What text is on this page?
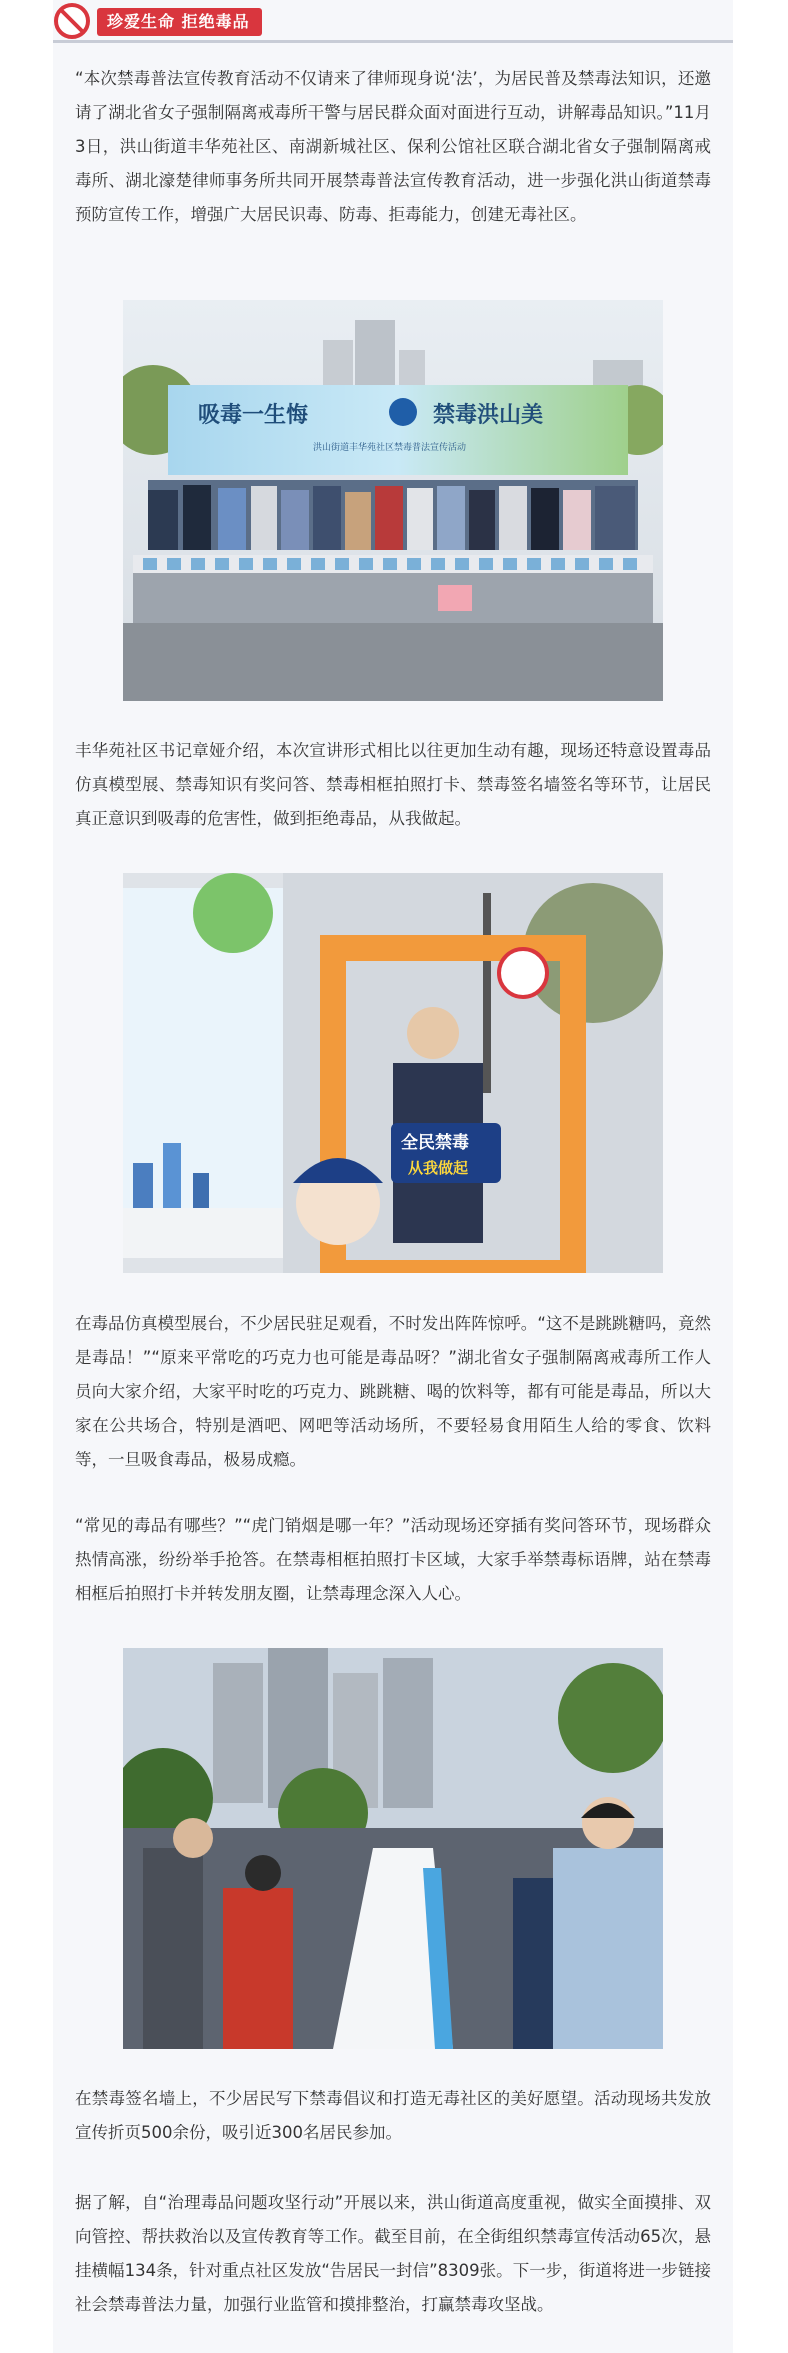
珍爱生命 拒绝毒品

“本次禁毒普法宣传教育活动不仅请来了律师现身说‘法’，为居民普及禁毒法知识，还邀请了湖北省女子强制隔离戒毒所干警与居民群众面对面进行互动，讲解毒品知识。”11月3日，洪山街道丰华苑社区、南湖新城社区、保利公馆社区联合湖北省女子强制隔离戒毒所、湖北濠楚律师事务所共同开展禁毒普法宣传教育活动，进一步强化洪山街道禁毒预防宣传工作，增强广大居民识毒、防毒、拒毒能力，创建无毒社区。

吸毒一生悔	禁毒洪山美
洪山街道丰华苑社区禁毒普法宣传活动

丰华苑社区书记章娅介绍，本次宣讲形式相比以往更加生动有趣，现场还特意设置毒品仿真模型展、禁毒知识有奖问答、禁毒相框拍照打卡、禁毒签名墙签名等环节，让居民真正意识到吸毒的危害性，做到拒绝毒品，从我做起。

全民禁毒
从我做起

在毒品仿真模型展台，不少居民驻足观看，不时发出阵阵惊呼。“这不是跳跳糖吗，竟然是毒品！”“原来平常吃的巧克力也可能是毒品呀？”湖北省女子强制隔离戒毒所工作人员向大家介绍，大家平时吃的巧克力、跳跳糖、喝的饮料等，都有可能是毒品，所以大家在公共场合，特别是酒吧、网吧等活动场所，不要轻易食用陌生人给的零食、饮料等，一旦吸食毒品，极易成瘾。

“常见的毒品有哪些？”“虎门销烟是哪一年？”活动现场还穿插有奖问答环节，现场群众热情高涨，纷纷举手抢答。在禁毒相框拍照打卡区域，大家手举禁毒标语牌，站在禁毒相框后拍照打卡并转发朋友圈，让禁毒理念深入人心。

在禁毒签名墙上，不少居民写下禁毒倡议和打造无毒社区的美好愿望。活动现场共发放宣传折页500余份，吸引近300名居民参加。

据了解，自“治理毒品问题攻坚行动”开展以来，洪山街道高度重视，做实全面摸排、双向管控、帮扶救治以及宣传教育等工作。截至目前，在全街组织禁毒宣传活动65次，悬挂横幅134条，针对重点社区发放“告居民一封信”8309张。下一步，街道将进一步链接社会禁毒普法力量，加强行业监管和摸排整治，打赢禁毒攻坚战。
